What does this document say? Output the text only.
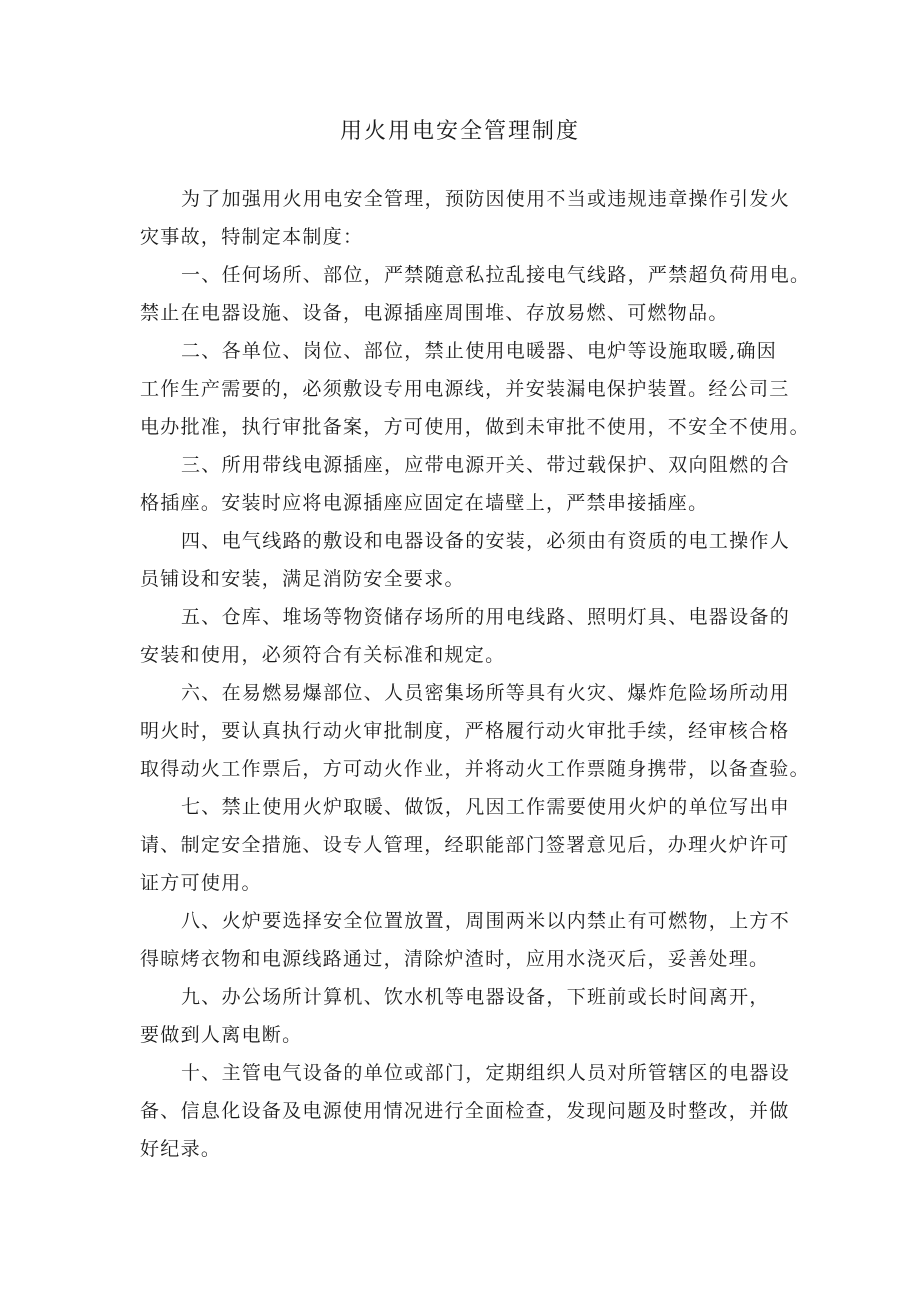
用火用电安全管理制度

为了加强用火用电安全管理，预防因使用不当或违规违章操作引发火
灾事故，特制定本制度：

一、任何场所、部位，严禁随意私拉乱接电气线路，严禁超负荷用电。
禁止在电器设施、设备，电源插座周围堆、存放易燃、可燃物品。

二、各单位、岗位、部位，禁止使用电暖器、电炉等设施取暖,确因
工作生产需要的，必须敷设专用电源线，并安装漏电保护装置。经公司三
电办批准，执行审批备案，方可使用，做到未审批不使用，不安全不使用。

三、所用带线电源插座，应带电源开关、带过载保护、双向阻燃的合
格插座。安装时应将电源插座应固定在墙壁上，严禁串接插座。

四、电气线路的敷设和电器设备的安装，必须由有资质的电工操作人
员铺设和安装，满足消防安全要求。

五、仓库、堆场等物资储存场所的用电线路、照明灯具、电器设备的
安装和使用，必须符合有关标准和规定。

六、在易燃易爆部位、人员密集场所等具有火灾、爆炸危险场所动用
明火时，要认真执行动火审批制度，严格履行动火审批手续，经审核合格
取得动火工作票后，方可动火作业，并将动火工作票随身携带，以备查验。

七、禁止使用火炉取暖、做饭，凡因工作需要使用火炉的单位写出申
请、制定安全措施、设专人管理，经职能部门签署意见后，办理火炉许可
证方可使用。

八、火炉要选择安全位置放置，周围两米以内禁止有可燃物，上方不
得晾烤衣物和电源线路通过，清除炉渣时，应用水浇灭后，妥善处理。

九、办公场所计算机、饮水机等电器设备，下班前或长时间离开，
要做到人离电断。

十、主管电气设备的单位或部门，定期组织人员对所管辖区的电器设
备、信息化设备及电源使用情况进行全面检查，发现问题及时整改，并做
好纪录。
